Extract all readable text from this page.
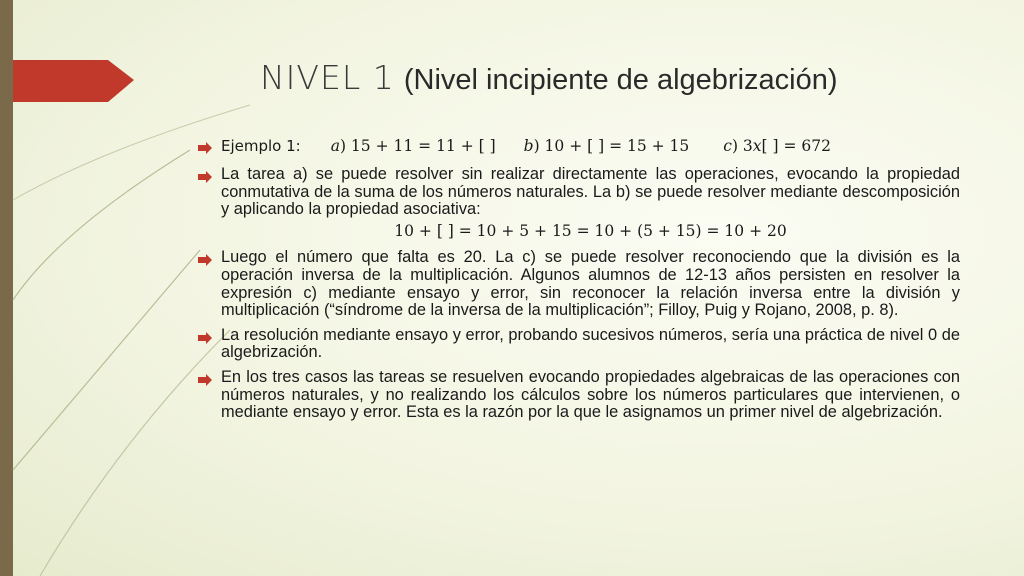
NIVEL 1 (Nivel incipiente de algebrización)
Ejemplo 1: 𝑎) 15 + 11 = 11 + [ ] 𝑏) 10 + [ ] = 15 + 15 𝑐) 3𝑥[ ] = 672
La tarea a) se puede resolver sin realizar directamente las operaciones, evocando la propiedad conmutativa de la suma de los números naturales. La b) se puede resolver mediante descomposición y aplicando la propiedad asociativa:
10 + [ ] = 10 + 5 + 15 = 10 + (5 + 15) = 10 + 20
Luego el número que falta es 20. La c) se puede resolver reconociendo que la división es la operación inversa de la multiplicación. Algunos alumnos de 12-13 años persisten en resolver la expresión c) mediante ensayo y error, sin reconocer la relación inversa entre la división y multiplicación (“síndrome de la inversa de la multiplicación”; Filloy, Puig y Rojano, 2008, p. 8).
La resolución mediante ensayo y error, probando sucesivos números, sería una práctica de nivel 0 de algebrización.
En los tres casos las tareas se resuelven evocando propiedades algebraicas de las operaciones con números naturales, y no realizando los cálculos sobre los números particulares que intervienen, o mediante ensayo y error. Esta es la razón por la que le asignamos un primer nivel de algebrización.
